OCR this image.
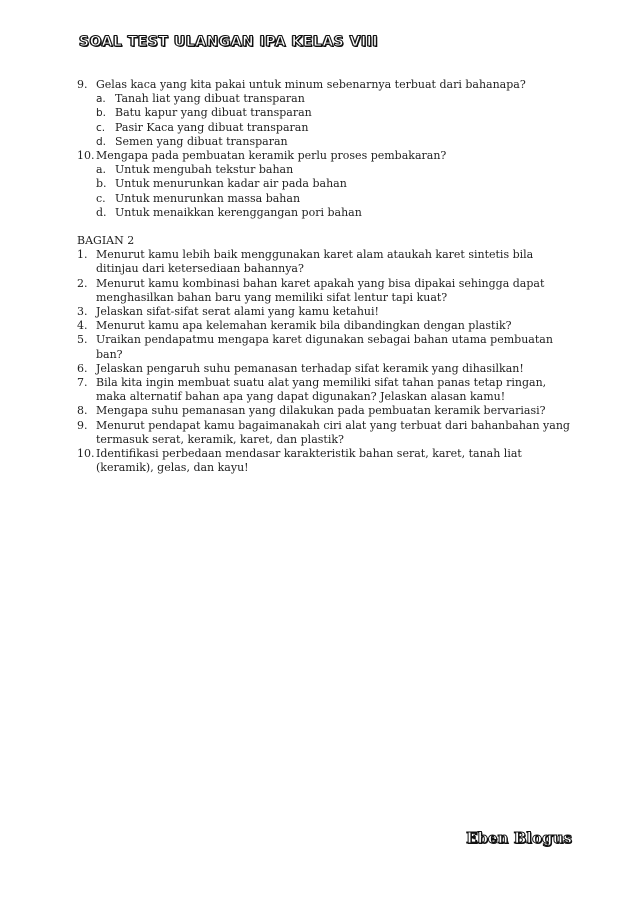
SOAL TEST ULANGAN IPA KELAS VIII
9. Gelas kaca yang kita pakai untuk minum sebenarnya terbuat dari bahanapa?
a. Tanah liat yang dibuat transparan
b. Batu kapur yang dibuat transparan
c. Pasir Kaca yang dibuat transparan
d. Semen yang dibuat transparan
10. Mengapa pada pembuatan keramik perlu proses pembakaran?
a. Untuk mengubah tekstur bahan
b. Untuk menurunkan kadar air pada bahan
c. Untuk menurunkan massa bahan
d. Untuk menaikkan kerenggangan pori bahan
BAGIAN 2
1. Menurut kamu lebih baik menggunakan karet alam ataukah karet sintetis bila ditinjau dari ketersediaan bahannya?
2. Menurut kamu kombinasi bahan karet apakah yang bisa dipakai sehingga dapat menghasilkan bahan baru yang memiliki sifat lentur tapi kuat?
3. Jelaskan sifat-sifat serat alami yang kamu ketahui!
4. Menurut kamu apa kelemahan keramik bila dibandingkan dengan plastik?
5. Uraikan pendapatmu mengapa karet digunakan sebagai bahan utama pembuatan ban?
6. Jelaskan pengaruh suhu pemanasan terhadap sifat keramik yang dihasilkan!
7. Bila kita ingin membuat suatu alat yang memiliki sifat tahan panas tetap ringan, maka alternatif bahan apa yang dapat digunakan? Jelaskan alasan kamu!
8. Mengapa suhu pemanasan yang dilakukan pada pembuatan keramik bervariasi?
9. Menurut pendapat kamu bagaimanakah ciri alat yang terbuat dari bahanbahan yang termasuk serat, keramik, karet, dan plastik?
10. Identifikasi perbedaan mendasar karakteristik bahan serat, karet, tanah liat (keramik), gelas, dan kayu!
Eben Blogus
